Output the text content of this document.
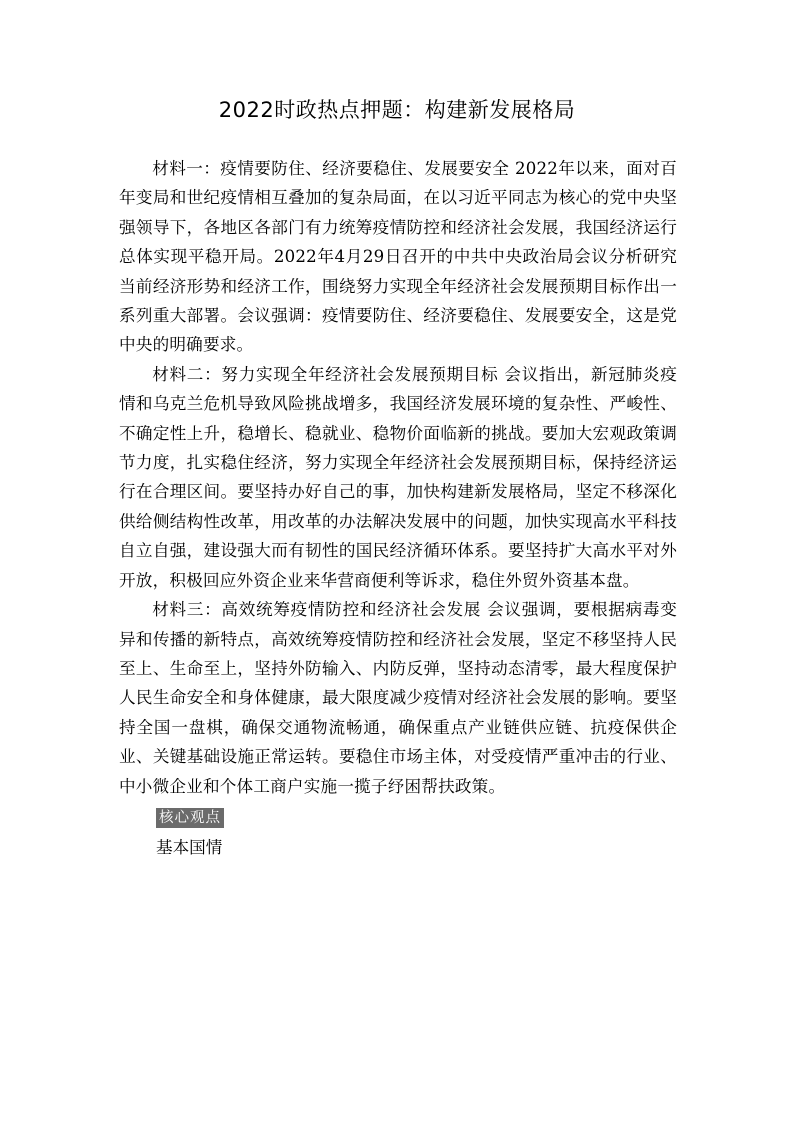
2022时政热点押题：构建新发展格局

材料一：疫情要防住、经济要稳住、发展要安全 2022年以来，面对百年变局和世纪疫情相互叠加的复杂局面，在以习近平同志为核心的党中央坚强领导下，各地区各部门有力统筹疫情防控和经济社会发展，我国经济运行总体实现平稳开局。2022年4月29日召开的中共中央政治局会议分析研究当前经济形势和经济工作，围绕努力实现全年经济社会发展预期目标作出一系列重大部署。会议强调：疫情要防住、经济要稳住、发展要安全，这是党中央的明确要求。

材料二：努力实现全年经济社会发展预期目标 会议指出，新冠肺炎疫情和乌克兰危机导致风险挑战增多，我国经济发展环境的复杂性、严峻性、不确定性上升，稳增长、稳就业、稳物价面临新的挑战。要加大宏观政策调节力度，扎实稳住经济，努力实现全年经济社会发展预期目标，保持经济运行在合理区间。要坚持办好自己的事，加快构建新发展格局，坚定不移深化供给侧结构性改革，用改革的办法解决发展中的问题，加快实现高水平科技自立自强，建设强大而有韧性的国民经济循环体系。要坚持扩大高水平对外开放，积极回应外资企业来华营商便利等诉求，稳住外贸外资基本盘。

材料三：高效统筹疫情防控和经济社会发展 会议强调，要根据病毒变异和传播的新特点，高效统筹疫情防控和经济社会发展，坚定不移坚持人民至上、生命至上，坚持外防输入、内防反弹，坚持动态清零，最大程度保护人民生命安全和身体健康，最大限度减少疫情对经济社会发展的影响。要坚持全国一盘棋，确保交通物流畅通，确保重点产业链供应链、抗疫保供企业、关键基础设施正常运转。要稳住市场主体，对受疫情严重冲击的行业、中小微企业和个体工商户实施一揽子纾困帮扶政策。

核心观点
基本国情
